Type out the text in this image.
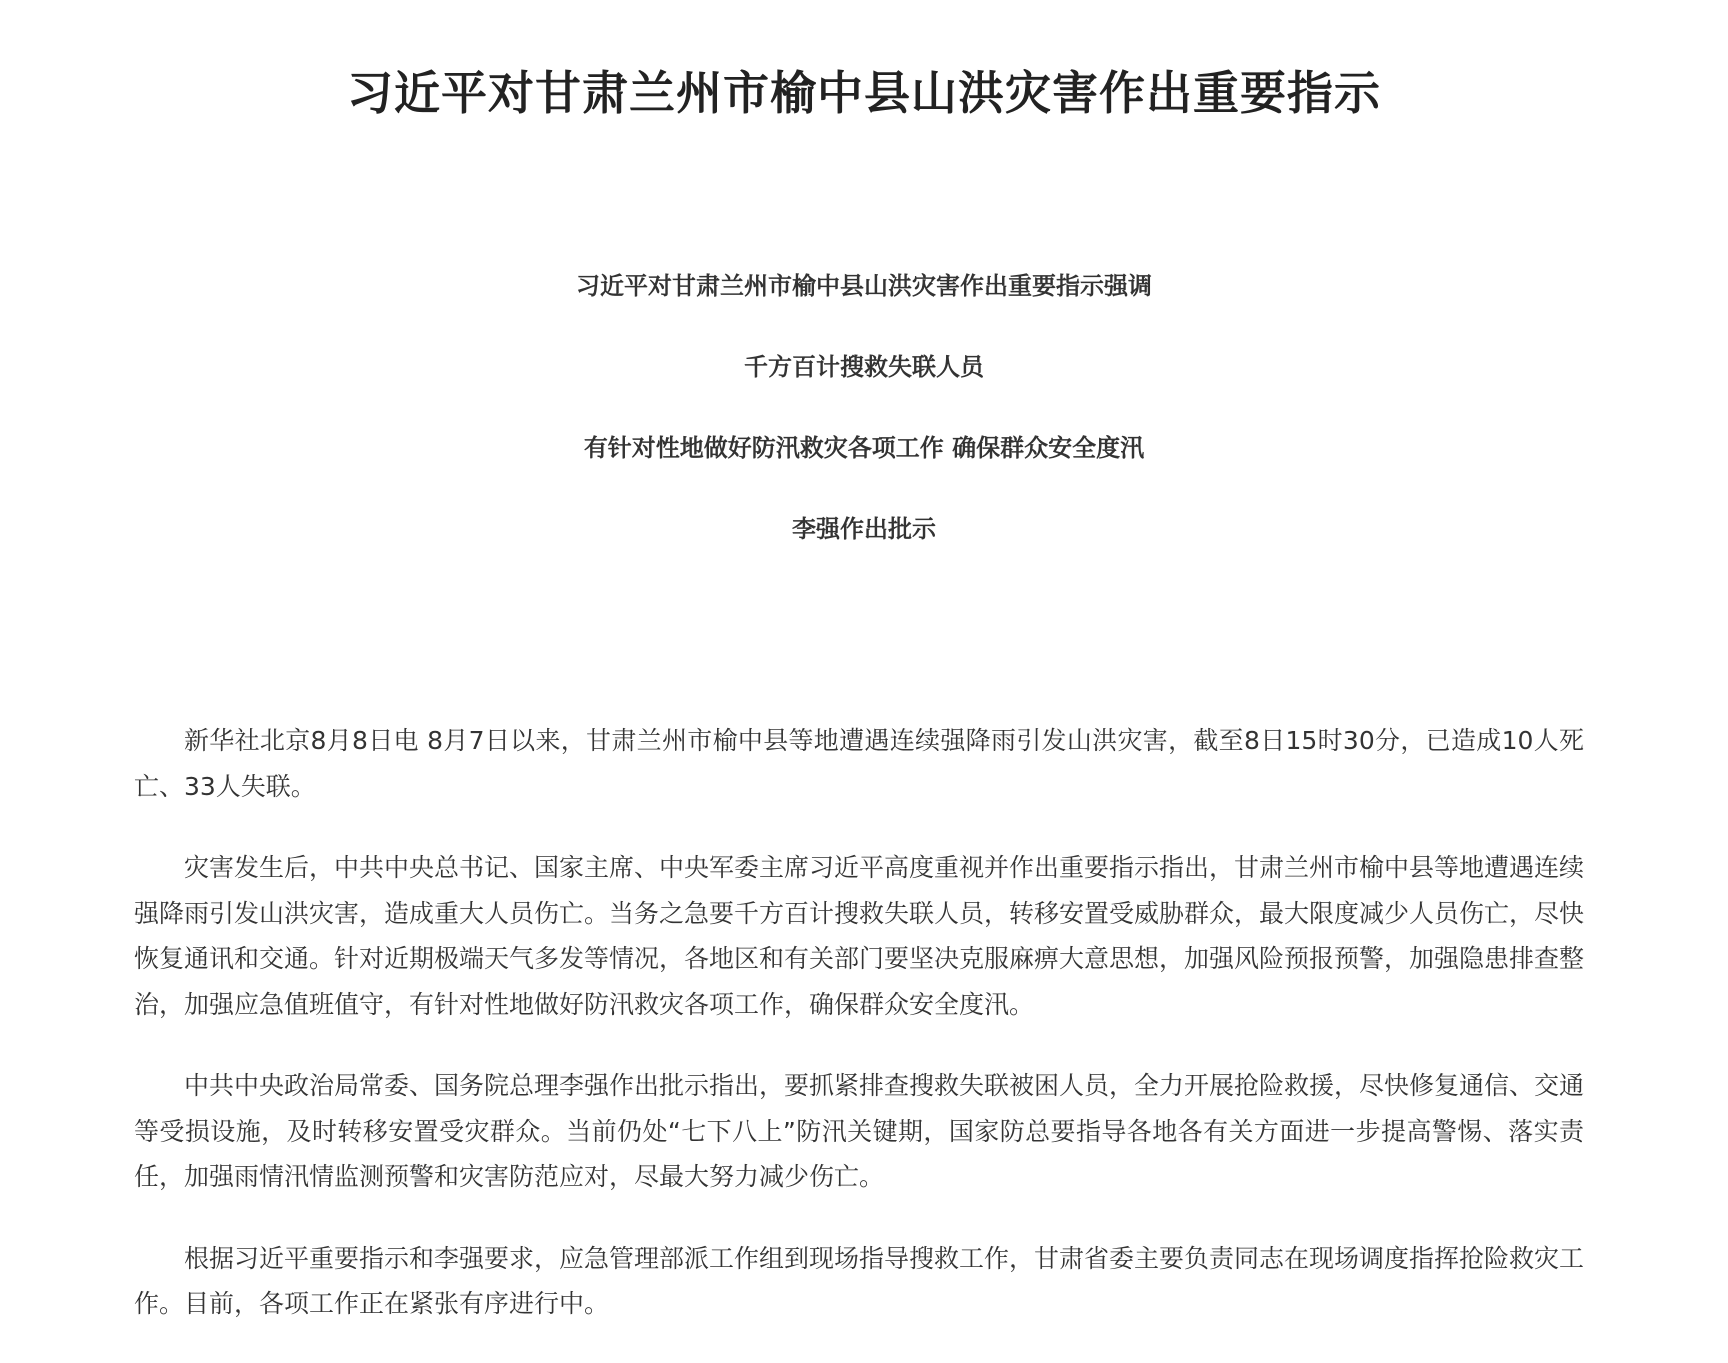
习近平对甘肃兰州市榆中县山洪灾害作出重要指示

习近平对甘肃兰州市榆中县山洪灾害作出重要指示强调

千方百计搜救失联人员

有针对性地做好防汛救灾各项工作 确保群众安全度汛

李强作出批示

新华社北京8月8日电 8月7日以来，甘肃兰州市榆中县等地遭遇连续强降雨引发山洪灾害，截至8日15时30分，已造成10人死亡、33人失联。

灾害发生后，中共中央总书记、国家主席、中央军委主席习近平高度重视并作出重要指示指出，甘肃兰州市榆中县等地遭遇连续强降雨引发山洪灾害，造成重大人员伤亡。当务之急要千方百计搜救失联人员，转移安置受威胁群众，最大限度减少人员伤亡，尽快恢复通讯和交通。针对近期极端天气多发等情况，各地区和有关部门要坚决克服麻痹大意思想，加强风险预报预警，加强隐患排查整治，加强应急值班值守，有针对性地做好防汛救灾各项工作，确保群众安全度汛。

中共中央政治局常委、国务院总理李强作出批示指出，要抓紧排查搜救失联被困人员，全力开展抢险救援，尽快修复通信、交通等受损设施，及时转移安置受灾群众。当前仍处“七下八上”防汛关键期，国家防总要指导各地各有关方面进一步提高警惕、落实责任，加强雨情汛情监测预警和灾害防范应对，尽最大努力减少伤亡。

根据习近平重要指示和李强要求，应急管理部派工作组到现场指导搜救工作，甘肃省委主要负责同志在现场调度指挥抢险救灾工作。目前，各项工作正在紧张有序进行中。
